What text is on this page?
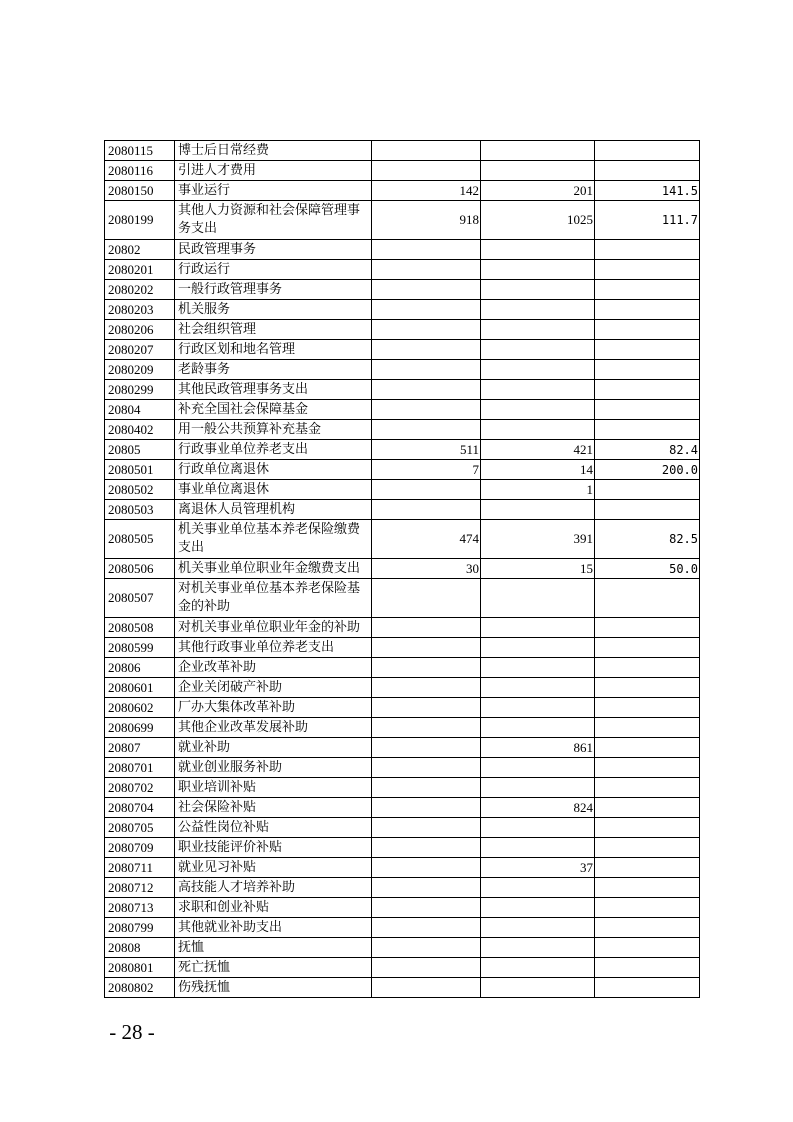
2080115	博士后日常经费			
2080116	引进人才费用			
2080150	事业运行	142	201	141.5
2080199	其他人力资源和社会保障管理事务支出	918	1025	111.7
20802	民政管理事务			
2080201	行政运行			
2080202	一般行政管理事务			
2080203	机关服务			
2080206	社会组织管理			
2080207	行政区划和地名管理			
2080209	老龄事务			
2080299	其他民政管理事务支出			
20804	补充全国社会保障基金			
2080402	用一般公共预算补充基金			
20805	行政事业单位养老支出	511	421	82.4
2080501	行政单位离退休	7	14	200.0
2080502	事业单位离退休		1	
2080503	离退休人员管理机构			
2080505	机关事业单位基本养老保险缴费支出	474	391	82.5
2080506	机关事业单位职业年金缴费支出	30	15	50.0
2080507	对机关事业单位基本养老保险基金的补助			
2080508	对机关事业单位职业年金的补助			
2080599	其他行政事业单位养老支出			
20806	企业改革补助			
2080601	企业关闭破产补助			
2080602	厂办大集体改革补助			
2080699	其他企业改革发展补助			
20807	就业补助		861	
2080701	就业创业服务补助			
2080702	职业培训补贴			
2080704	社会保险补贴		824	
2080705	公益性岗位补贴			
2080709	职业技能评价补贴			
2080711	就业见习补贴		37	
2080712	高技能人才培养补助			
2080713	求职和创业补贴			
2080799	其他就业补助支出			
20808	抚恤			
2080801	死亡抚恤			
2080802	伤残抚恤			
- 28 -
